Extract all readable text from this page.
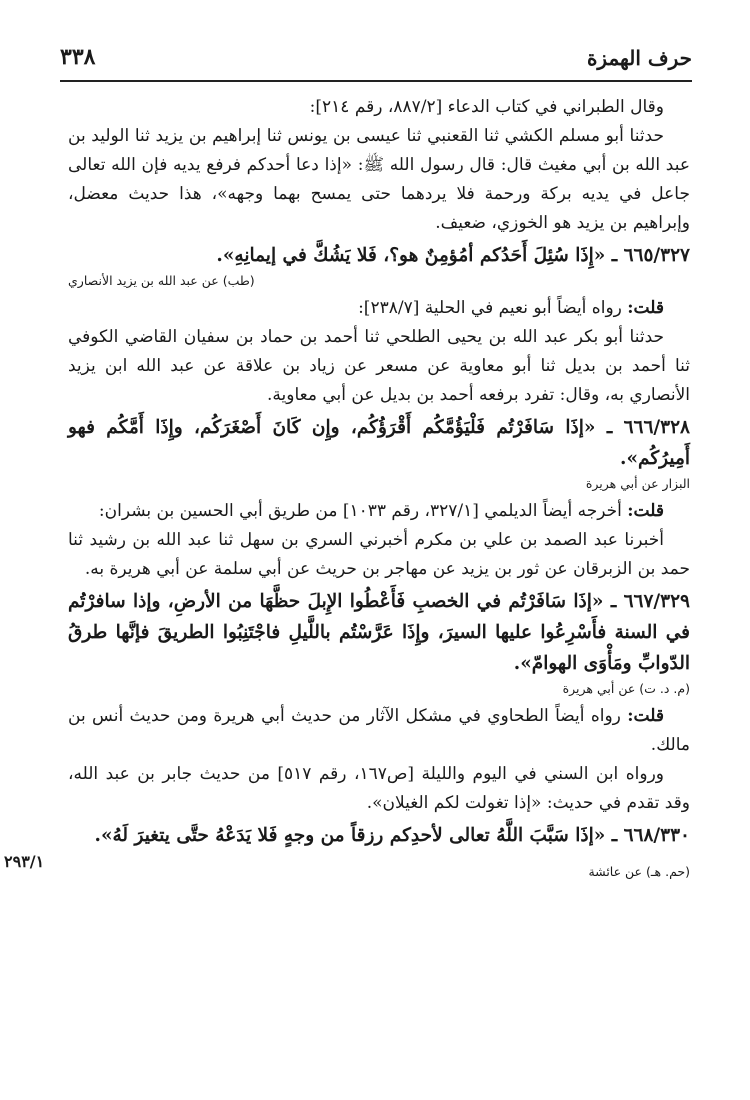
حرف الهمزة
٣٣٨
٢٩٣/١

وقال الطبراني في كتاب الدعاء [٨٨٧/٢، رقم ٢١٤]:

حدثنا أبو مسلم الكشي ثنا القعنبي ثنا عيسى بن يونس ثنا إبراهيم بن يزيد ثنا الوليد بن عبد الله بن أبي مغيث قال: قال رسول الله ﷺ: «إذا دعا أحدكم فرفع يديه فإن الله تعالى جاعل في يديه بركة ورحمة فلا يردهما حتى يمسح بهما وجهه»، هذا حديث معضل، وإبراهيم بن يزيد هو الخوزي، ضعيف.

٦٦٥/٣٢٧ ـ «إِذَا سُئِلَ أَحَدُكم أمُؤمِنٌ هو؟، فَلا يَشُكَّ في إيمانِهِ».

(طب) عن عبد الله بن يزيد الأنصاري

قلت: رواه أيضاً أبو نعيم في الحلية [٢٣٨/٧]:

حدثنا أبو بكر عبد الله بن يحيى الطلحي ثنا أحمد بن حماد بن سفيان القاضي الكوفي ثنا أحمد بن بديل ثنا أبو معاوية عن مسعر عن زياد بن علاقة عن عبد الله ابن يزيد الأنصاري به، وقال: تفرد برفعه أحمد بن بديل عن أبي معاوية.

٦٦٦/٣٢٨ ـ «إذَا سَافَرْتُم فَلْيَؤُمَّكُم أَقْرَؤُكُم، وإِن كَانَ أَصْغَرَكُم، وإِذَا أَمَّكُم فهو أَمِيرُكُم».

البزار عن أبي هريرة

قلت: أخرجه أيضاً الديلمي [٣٢٧/١، رقم ١٠٣٣] من طريق أبي الحسين بن بشران:

أخبرنا عبد الصمد بن علي بن مكرم أخبرني السري بن سهل ثنا عبد الله بن رشيد ثنا حمد بن الزبرقان عن ثور بن يزيد عن مهاجر بن حريث عن أبي سلمة عن أبي هريرة به.

٦٦٧/٣٢٩ ـ «إذَا سَافَرْتُم في الخصبِ فَأَعْطُوا الإِبلَ حظَّهَا من الأرضِ، وإذا سافرْتُم في السنة فأَسْرِعُوا عليها السيرَ، وإِذَا عَرَّسْتُم باللَّيلِ فاجْتَنِبُوا الطريقَ فإنَّها طرقُ الدّوابِّ ومَأْوَى الهوامّ».

(م. د. ت) عن أبي هريرة

قلت: رواه أيضاً الطحاوي في مشكل الآثار من حديث أبي هريرة ومن حديث أنس بن مالك.

ورواه ابن السني في اليوم والليلة [ص١٦٧، رقم ٥١٧] من حديث جابر بن عبد الله، وقد تقدم في حديث: «إذا تغولت لكم الغيلان».

٦٦٨/٣٣٠ ـ «إذَا سَبَّبَ اللَّهُ تعالى لأحدِكم رزقاً من وجهٍ فَلا يَدَعْهُ حتَّى يتغيرَ لَهُ».

(حم. هـ) عن عائشة
